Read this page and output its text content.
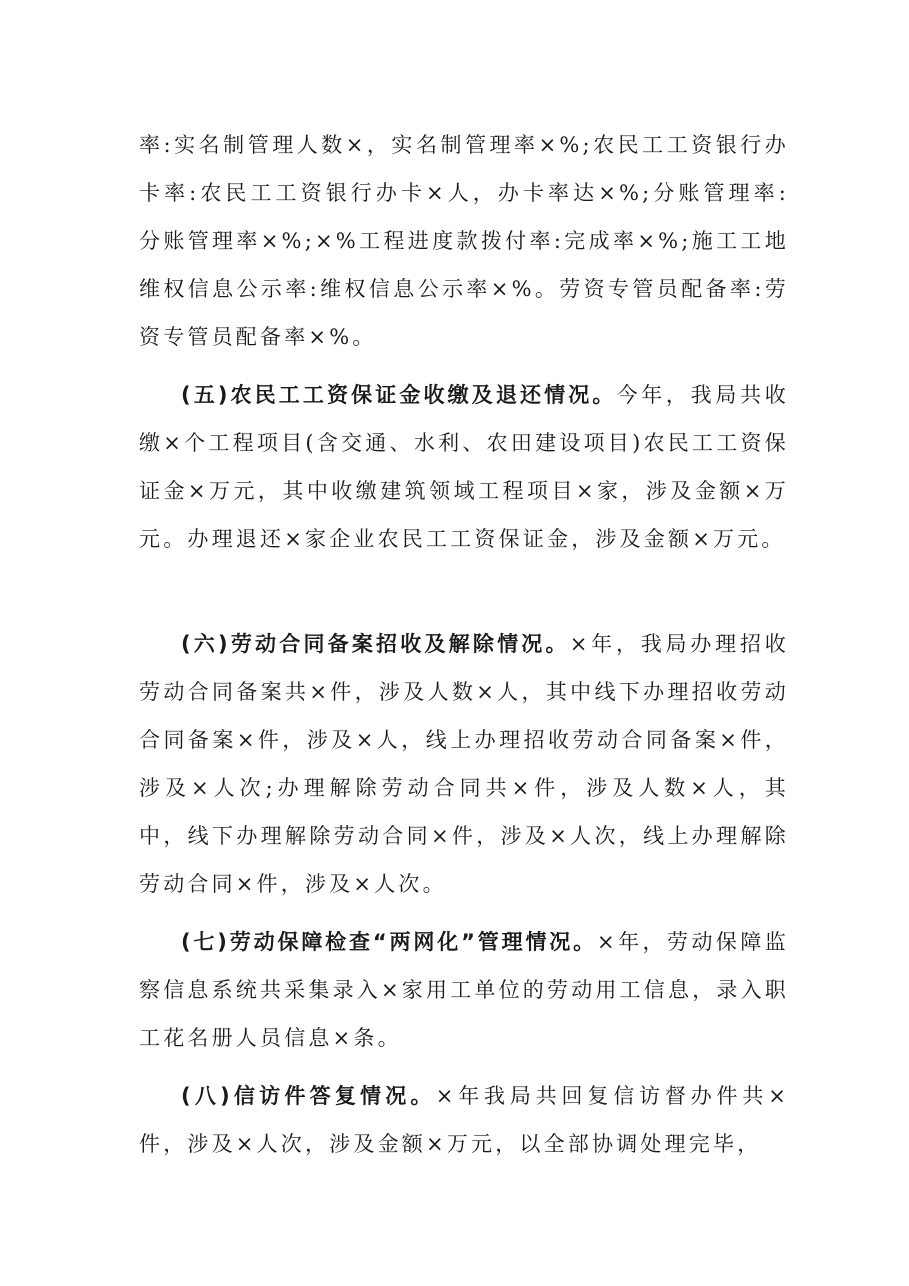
率:实名制管理人数×，实名制管理率×%;农民工工资银行办卡率:农民工工资银行办卡×人，办卡率达×%;分账管理率:分账管理率×%;×%工程进度款拨付率:完成率×%;施工工地维权信息公示率:维权信息公示率×%。劳资专管员配备率:劳资专管员配备率×%。

(五)农民工工资保证金收缴及退还情况。今年，我局共收缴×个工程项目(含交通、水利、农田建设项目)农民工工资保证金×万元，其中收缴建筑领域工程项目×家，涉及金额×万元。办理退还×家企业农民工工资保证金，涉及金额×万元。

(六)劳动合同备案招收及解除情况。×年，我局办理招收劳动合同备案共×件，涉及人数×人，其中线下办理招收劳动合同备案×件，涉及×人，线上办理招收劳动合同备案×件，涉及×人次;办理解除劳动合同共×件，涉及人数×人，其中，线下办理解除劳动合同×件，涉及×人次，线上办理解除劳动合同×件，涉及×人次。

(七)劳动保障检查“两网化”管理情况。×年，劳动保障监察信息系统共采集录入×家用工单位的劳动用工信息，录入职工花名册人员信息×条。

(八)信访件答复情况。×年我局共回复信访督办件共×件，涉及×人次，涉及金额×万元，以全部协调处理完毕，
